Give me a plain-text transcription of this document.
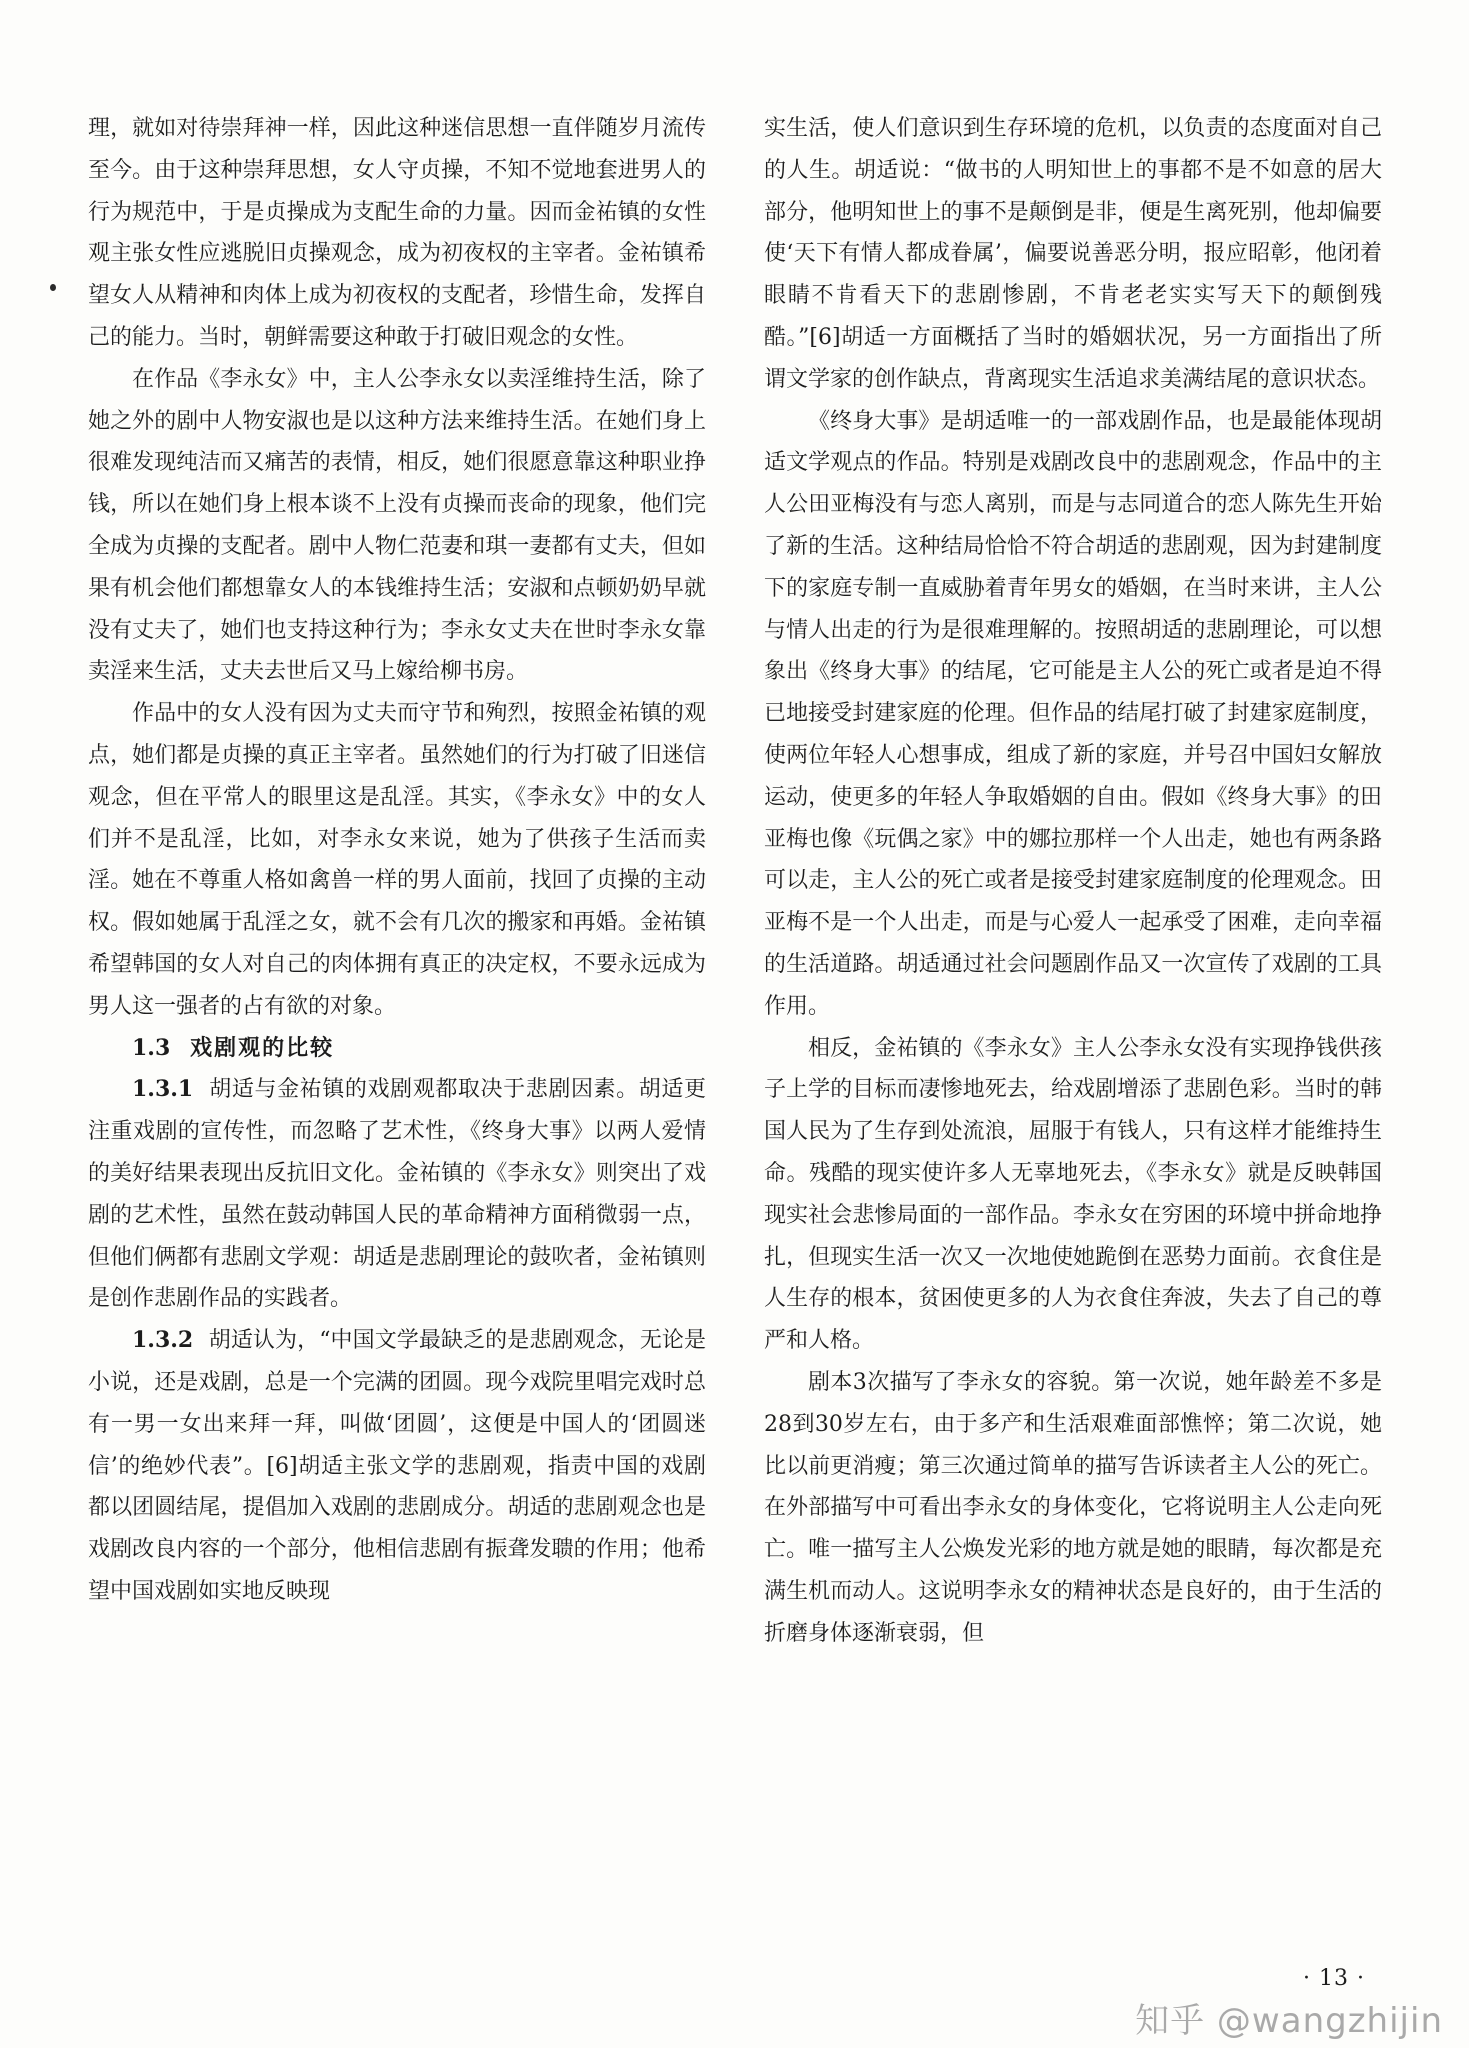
理，就如对待崇拜神一样，因此这种迷信思想一直伴随岁月流传至今。由于这种崇拜思想，女人守贞操，不知不觉地套进男人的行为规范中，于是贞操成为支配生命的力量。因而金祐镇的女性观主张女性应逃脱旧贞操观念，成为初夜权的主宰者。金祐镇希望女人从精神和肉体上成为初夜权的支配者，珍惜生命，发挥自己的能力。当时，朝鲜需要这种敢于打破旧观念的女性。

在作品《李永女》中，主人公李永女以卖淫维持生活，除了她之外的剧中人物安淑也是以这种方法来维持生活。在她们身上很难发现纯洁而又痛苦的表情，相反，她们很愿意靠这种职业挣钱，所以在她们身上根本谈不上没有贞操而丧命的现象，他们完全成为贞操的支配者。剧中人物仁范妻和琪一妻都有丈夫，但如果有机会他们都想靠女人的本钱维持生活；安淑和点顿奶奶早就没有丈夫了，她们也支持这种行为；李永女丈夫在世时李永女靠卖淫来生活，丈夫去世后又马上嫁给柳书房。

作品中的女人没有因为丈夫而守节和殉烈，按照金祐镇的观点，她们都是贞操的真正主宰者。虽然她们的行为打破了旧迷信观念，但在平常人的眼里这是乱淫。其实，《李永女》中的女人们并不是乱淫，比如，对李永女来说，她为了供孩子生活而卖淫。她在不尊重人格如禽兽一样的男人面前，找回了贞操的主动权。假如她属于乱淫之女，就不会有几次的搬家和再婚。金祐镇希望韩国的女人对自己的肉体拥有真正的决定权，不要永远成为男人这一强者的占有欲的对象。

1.3 戏剧观的比较

1.3.1 胡适与金祐镇的戏剧观都取决于悲剧因素。胡适更注重戏剧的宣传性，而忽略了艺术性，《终身大事》以两人爱情的美好结果表现出反抗旧文化。金祐镇的《李永女》则突出了戏剧的艺术性，虽然在鼓动韩国人民的革命精神方面稍微弱一点，但他们俩都有悲剧文学观：胡适是悲剧理论的鼓吹者，金祐镇则是创作悲剧作品的实践者。

1.3.2 胡适认为，“中国文学最缺乏的是悲剧观念，无论是小说，还是戏剧，总是一个完满的团圆。现今戏院里唱完戏时总有一男一女出来拜一拜，叫做‘团圆’，这便是中国人的‘团圆迷信’的绝妙代表”。[6]胡适主张文学的悲剧观，指责中国的戏剧都以团圆结尾，提倡加入戏剧的悲剧成分。胡适的悲剧观念也是戏剧改良内容的一个部分，他相信悲剧有振聋发聩的作用；他希望中国戏剧如实地反映现

实生活，使人们意识到生存环境的危机，以负责的态度面对自己的人生。胡适说：“做书的人明知世上的事都不是不如意的居大部分，他明知世上的事不是颠倒是非，便是生离死别，他却偏要使‘天下有情人都成眷属’，偏要说善恶分明，报应昭彰，他闭着眼睛不肯看天下的悲剧惨剧，不肯老老实实写天下的颠倒残酷。”[6]胡适一方面概括了当时的婚姻状况，另一方面指出了所谓文学家的创作缺点，背离现实生活追求美满结尾的意识状态。

《终身大事》是胡适唯一的一部戏剧作品，也是最能体现胡适文学观点的作品。特别是戏剧改良中的悲剧观念，作品中的主人公田亚梅没有与恋人离别，而是与志同道合的恋人陈先生开始了新的生活。这种结局恰恰不符合胡适的悲剧观，因为封建制度下的家庭专制一直威胁着青年男女的婚姻，在当时来讲，主人公与情人出走的行为是很难理解的。按照胡适的悲剧理论，可以想象出《终身大事》的结尾，它可能是主人公的死亡或者是迫不得已地接受封建家庭的伦理。但作品的结尾打破了封建家庭制度，使两位年轻人心想事成，组成了新的家庭，并号召中国妇女解放运动，使更多的年轻人争取婚姻的自由。假如《终身大事》的田亚梅也像《玩偶之家》中的娜拉那样一个人出走，她也有两条路可以走，主人公的死亡或者是接受封建家庭制度的伦理观念。田亚梅不是一个人出走，而是与心爱人一起承受了困难，走向幸福的生活道路。胡适通过社会问题剧作品又一次宣传了戏剧的工具作用。

相反，金祐镇的《李永女》主人公李永女没有实现挣钱供孩子上学的目标而凄惨地死去，给戏剧增添了悲剧色彩。当时的韩国人民为了生存到处流浪，屈服于有钱人，只有这样才能维持生命。残酷的现实使许多人无辜地死去，《李永女》就是反映韩国现实社会悲惨局面的一部作品。李永女在穷困的环境中拼命地挣扎，但现实生活一次又一次地使她跪倒在恶势力面前。衣食住是人生存的根本，贫困使更多的人为衣食住奔波，失去了自己的尊严和人格。

剧本3次描写了李永女的容貌。第一次说，她年龄差不多是28到30岁左右，由于多产和生活艰难面部憔悴；第二次说，她比以前更消瘦；第三次通过简单的描写告诉读者主人公的死亡。在外部描写中可看出李永女的身体变化，它将说明主人公走向死亡。唯一描写主人公焕发光彩的地方就是她的眼睛，每次都是充满生机而动人。这说明李永女的精神状态是良好的，由于生活的折磨身体逐渐衰弱，但

· 13 ·
知乎 @wangzhijin
